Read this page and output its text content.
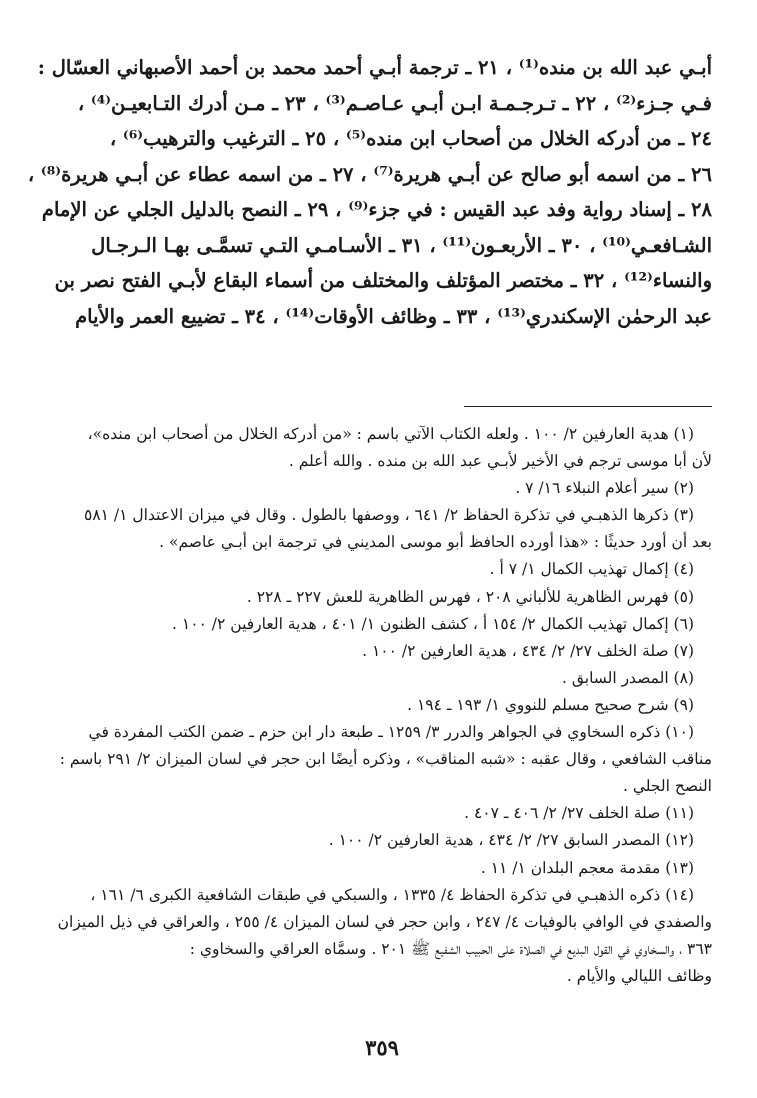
أبـي عبد الله بن منده⁽¹⁾ ، ٢١ ـ ترجمة أبـي أحمد محمد بن أحمد الأصبهاني العسّال :
فـي جـزء⁽²⁾ ، ٢٢ ـ تـرجـمـة ابـن أبـي عـاصـم⁽³⁾ ، ٢٣ ـ مـن أدرك التـابعيـن⁽⁴⁾ ،
٢٤ ـ من أدركه الخلال من أصحاب ابن منده⁽⁵⁾ ، ٢٥ ـ الترغيب والترهيب⁽⁶⁾ ،
٢٦ ـ من اسمه أبو صالح عن أبـي هريرة⁽⁷⁾ ، ٢٧ ـ من اسمه عطاء عن أبـي هريرة⁽⁸⁾ ،
٢٨ ـ إسناد رواية وفد عبد القيس : في جزء⁽⁹⁾ ، ٢٩ ـ النصح بالدليل الجلي عن الإمام
الشـافعـي⁽¹⁰⁾ ، ٣٠ ـ الأربعـون⁽¹¹⁾ ، ٣١ ـ الأسـامـي التـي تسمَّـى بهـا الـرجـال
والنساء⁽¹²⁾ ، ٣٢ ـ مختصر المؤتلف والمختلف من أسماء البقاع لأبـي الفتح نصر بن
عبد الرحمٰن الإسكندري⁽¹³⁾ ، ٣٣ ـ وظائف الأوقات⁽¹⁴⁾ ، ٣٤ ـ تضييع العمر والأيام
(١) هدية العارفين ٢/ ١٠٠ . ولعله الكتاب الآتي باسم : «من أدركه الخلال من أصحاب ابن منده»،
لأن أبا موسى ترجم في الأخير لأبـي عبد الله بن منده . والله أعلم .
(٢) سير أعلام النبلاء ١٦/ ٧ .
(٣) ذكرها الذهبـي في تذكرة الحفاظ ٢/ ٦٤١ ، ووصفها بالطول . وقال في ميزان الاعتدال ١/ ٥٨١
بعد أن أورد حديثًا : «هذا أورده الحافظ أبو موسى المديني في ترجمة ابن أبـي عاصم» .
(٤) إكمال تهذيب الكمال ١/ ٧ أ .
(٥) فهرس الظاهرية للألباني ٢٠٨ ، فهرس الظاهرية للعش ٢٢٧ ـ ٢٢٨ .
(٦) إكمال تهذيب الكمال ٢/ ١٥٤ أ ، كشف الظنون ١/ ٤٠١ ، هدية العارفين ٢/ ١٠٠ .
(٧) صلة الخلف ٢٧/ ٢/ ٤٣٤ ، هدية العارفين ٢/ ١٠٠ .
(٨) المصدر السابق .
(٩) شرح صحيح مسلم للنووي ١/ ١٩٣ ـ ١٩٤ .
(١٠) ذكره السخاوي في الجواهر والدرر ٣/ ١٢٥٩ ـ طبعة دار ابن حزم ـ ضمن الكتب المفردة في
مناقب الشافعي ، وقال عقبه : «شبه المناقب» ، وذكره أيضًا ابن حجر في لسان الميزان ٢/ ٢٩١ باسم :
النصح الجلي .
(١١) صلة الخلف ٢٧/ ٢/ ٤٠٦ ـ ٤٠٧ .
(١٢) المصدر السابق ٢٧/ ٢/ ٤٣٤ ، هدية العارفين ٢/ ١٠٠ .
(١٣) مقدمة معجم البلدان ١/ ١١ .
(١٤) ذكره الذهبـي في تذكرة الحفاظ ٤/ ١٣٣٥ ، والسبكي في طبقات الشافعية الكبرى ٦/ ١٦١ ،
والصفدي في الوافي بالوفيات ٤/ ٢٤٧ ، وابن حجر في لسان الميزان ٤/ ٢٥٥ ، والعراقي في ذيل الميزان
٣٦٣ ، والسخاوي في القول البديع في الصلاة على الحبيب الشفيع ﷺ ٢٠١ . وسمَّاه العراقي والسخاوي :
وظائف الليالي والأيام .
٣٥٩
